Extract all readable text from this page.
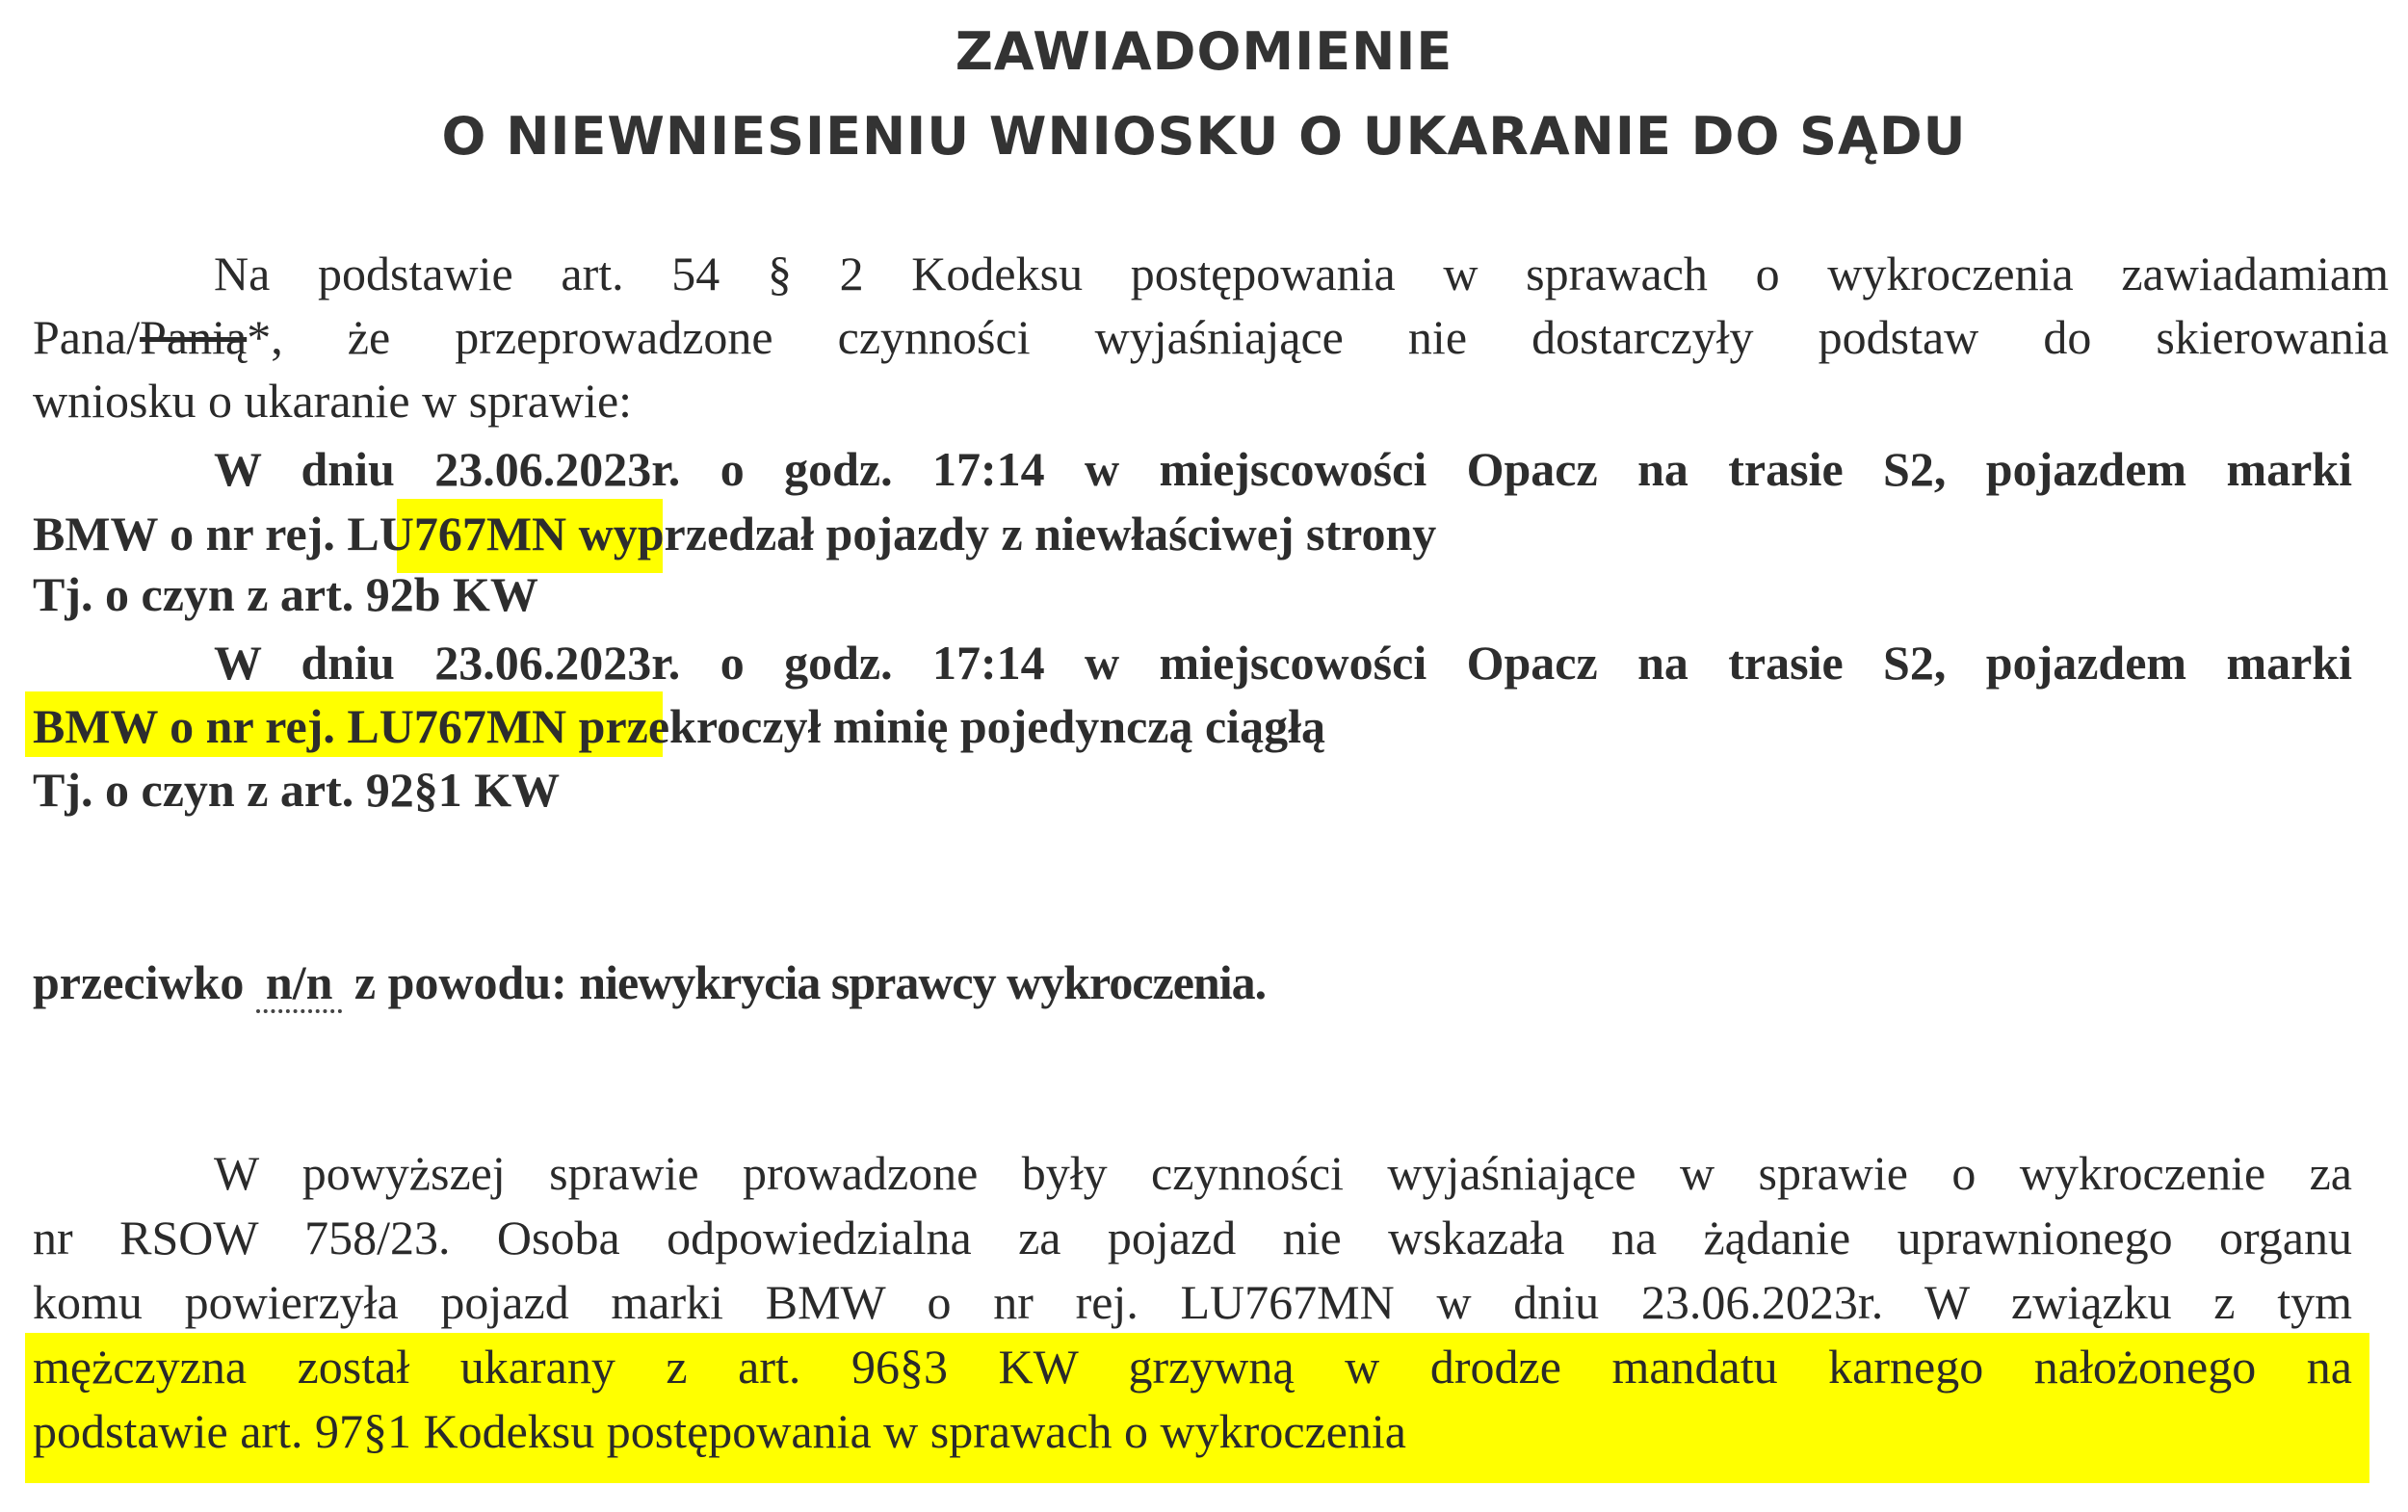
ZAWIADOMIENIE
O NIEWNIESIENIU WNIOSKU O UKARANIE DO SĄDU
Na podstawie art. 54 § 2 Kodeksu postępowania w sprawach o wykroczenia zawiadamiam
Pana/Panią*, że przeprowadzone czynności wyjaśniające nie dostarczyły podstaw do skierowania
wniosku o ukaranie w sprawie:
W dniu 23.06.2023r. o godz. 17:14 w miejscowości Opacz na trasie S2, pojazdem marki
BMW o nr rej. LU767MN wyprzedzał pojazdy z niewłaściwej strony
Tj. o czyn z art. 92b KW
W dniu 23.06.2023r. o godz. 17:14 w miejscowości Opacz na trasie S2, pojazdem marki
BMW o nr rej. LU767MN przekroczył minię pojedynczą ciągłą
Tj. o czyn z art. 92§1 KW
przeciwko n/n z powodu: niewykrycia sprawcy wykroczenia.
W powyższej sprawie prowadzone były czynności wyjaśniające w sprawie o wykroczenie za
nr RSOW 758/23. Osoba odpowiedzialna za pojazd nie wskazała na żądanie uprawnionego organu
komu powierzyła pojazd marki BMW o nr rej. LU767MN w dniu 23.06.2023r. W związku z tym
mężczyzna został ukarany z art. 96§3 KW grzywną w drodze mandatu karnego nałożonego na
podstawie art. 97§1 Kodeksu postępowania w sprawach o wykroczenia
